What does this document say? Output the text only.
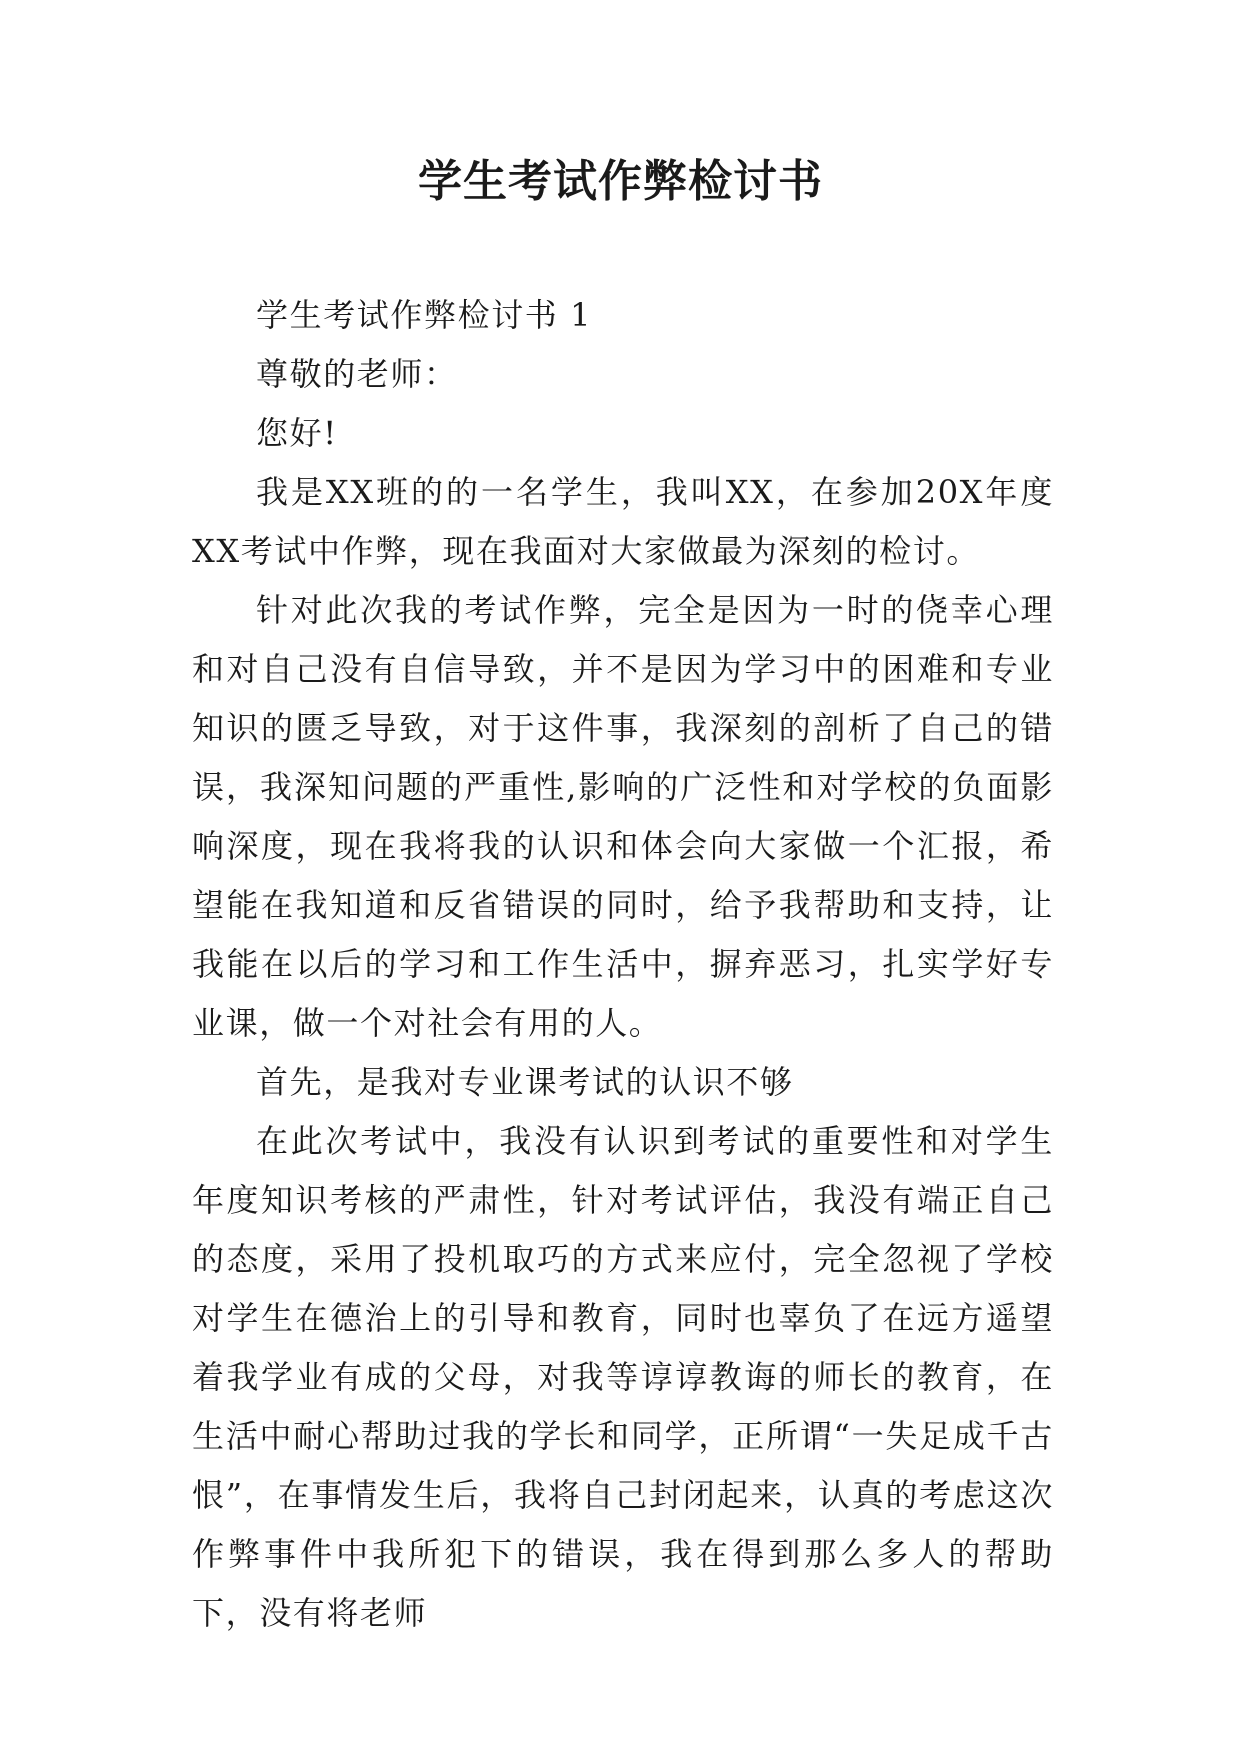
学生考试作弊检讨书

学生考试作弊检讨书 1

尊敬的老师：

您好!

我是XX班的的一名学生，我叫XX，在参加20X年度XX考试中作弊，现在我面对大家做最为深刻的检讨。

针对此次我的考试作弊，完全是因为一时的侥幸心理和对自己没有自信导致，并不是因为学习中的困难和专业知识的匮乏导致，对于这件事，我深刻的剖析了自己的错误，我深知问题的严重性,影响的广泛性和对学校的负面影响深度，现在我将我的认识和体会向大家做一个汇报，希望能在我知道和反省错误的同时，给予我帮助和支持，让我能在以后的学习和工作生活中，摒弃恶习，扎实学好专业课，做一个对社会有用的人。

首先，是我对专业课考试的认识不够

在此次考试中，我没有认识到考试的重要性和对学生年度知识考核的严肃性，针对考试评估，我没有端正自己的态度，采用了投机取巧的方式来应付，完全忽视了学校对学生在德治上的引导和教育，同时也辜负了在远方遥望着我学业有成的父母，对我等谆谆教诲的师长的教育，在生活中耐心帮助过我的学长和同学，正所谓“一失足成千古恨”，在事情发生后，我将自己封闭起来，认真的考虑这次作弊事件中我所犯下的错误，我在得到那么多人的帮助下，没有将老师
